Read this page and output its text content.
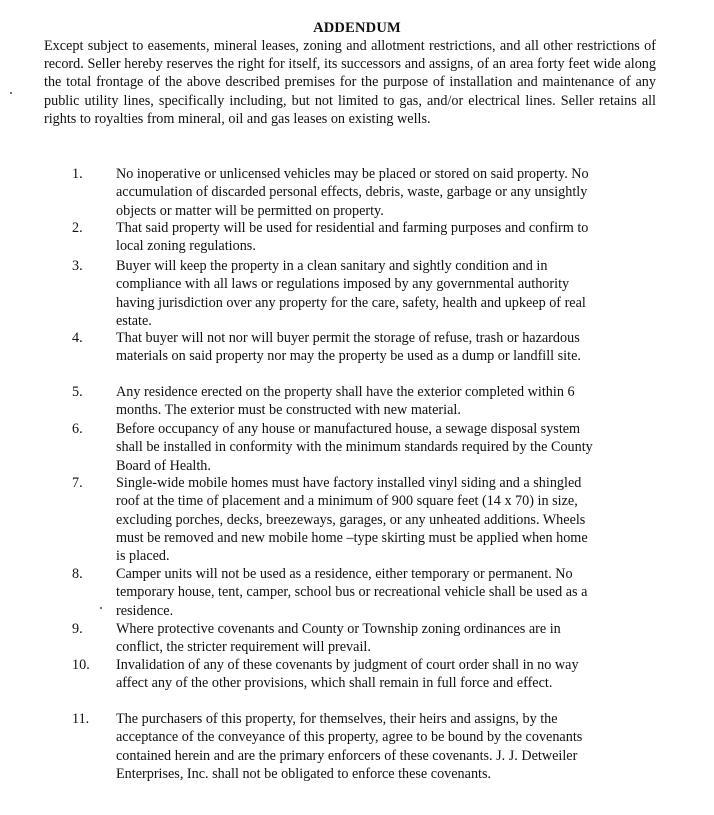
ADDENDUM
Except subject to easements, mineral leases, zoning and allotment restrictions, and all other restrictions of record. Seller hereby reserves the right for itself, its successors and assigns, of an area forty feet wide along the total frontage of the above described premises for the purpose of installation and maintenance of any public utility lines, specifically including, but not limited to gas, and/or electrical lines. Seller retains all rights to royalties from mineral, oil and gas leases on existing wells.
1.	No inoperative or unlicensed vehicles may be placed or stored on said property. No accumulation of discarded personal effects, debris, waste, garbage or any unsightly objects or matter will be permitted on property.
2.	That said property will be used for residential and farming purposes and confirm to local zoning regulations.
3.	Buyer will keep the property in a clean sanitary and sightly condition and in compliance with all laws or regulations imposed by any governmental authority having jurisdiction over any property for the care, safety, health and upkeep of real estate.
4.	That buyer will not nor will buyer permit the storage of refuse, trash or hazardous materials on said property nor may the property be used as a dump or landfill site.
5.	Any residence erected on the property shall have the exterior completed within 6 months. The exterior must be constructed with new material.
6.	Before occupancy of any house or manufactured house, a sewage disposal system shall be installed in conformity with the minimum standards required by the County Board of Health.
7.	Single-wide mobile homes must have factory installed vinyl siding and a shingled roof at the time of placement and a minimum of 900 square feet (14 x 70) in size, excluding porches, decks, breezeways, garages, or any unheated additions. Wheels must be removed and new mobile home –type skirting must be applied when home is placed.
8.	Camper units will not be used as a residence, either temporary or permanent. No temporary house, tent, camper, school bus or recreational vehicle shall be used as a residence.
9.	Where protective covenants and County or Township zoning ordinances are in conflict, the stricter requirement will prevail.
10.	Invalidation of any of these covenants by judgment of court order shall in no way affect any of the other provisions, which shall remain in full force and effect.
11.	The purchasers of this property, for themselves, their heirs and assigns, by the acceptance of the conveyance of this property, agree to be bound by the covenants contained herein and are the primary enforcers of these covenants. J. J. Detweiler Enterprises, Inc. shall not be obligated to enforce these covenants.
